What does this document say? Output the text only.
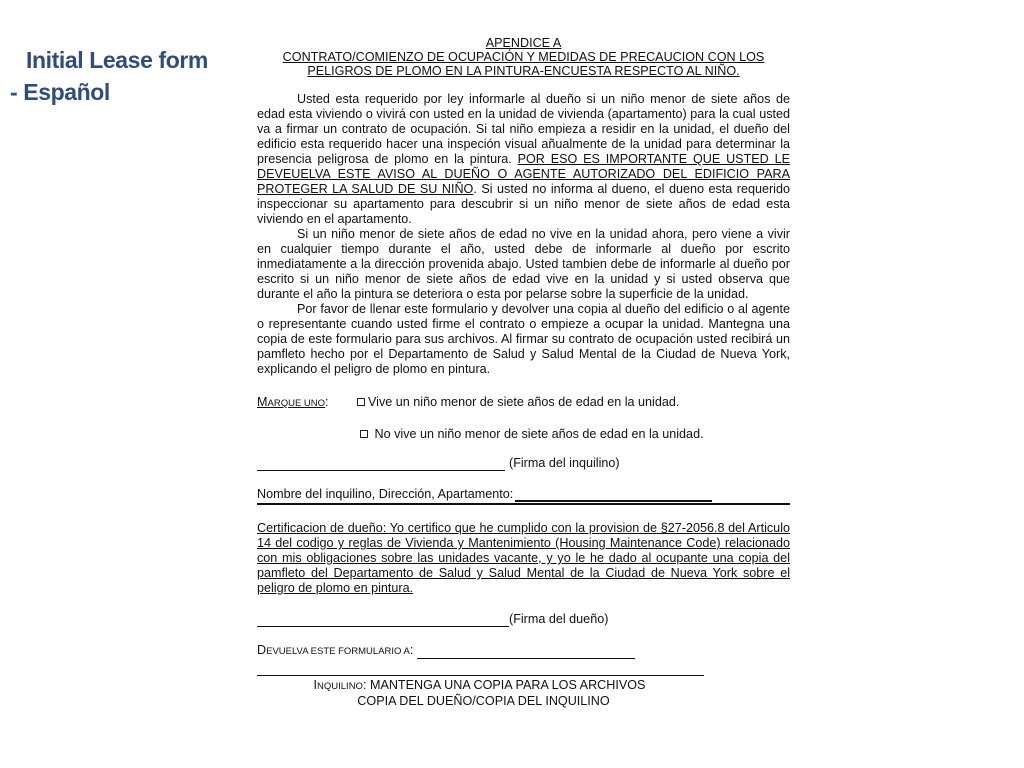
Initial Lease form
- Español
APENDICE A
CONTRATO/COMIENZO DE OCUPACIÓN Y MEDIDAS DE PRECAUCION CON LOS
PELIGROS DE PLOMO EN LA PINTURA-ENCUESTA RESPECTO AL NIÑO.

Usted esta requerido por ley informarle al dueño si un niño menor de siete años de edad esta viviendo o vivirá con usted en la unidad de vivienda (apartamento) para la cual usted va a firmar un contrato de ocupación. Si tal niño empieza a residir en la unidad, el dueño del edificio esta requerido hacer una inspeción visual añualmente de la unidad para determinar la presencia peligrosa de plomo en la pintura. POR ESO ES IMPORTANTE QUE USTED LE DEVEUELVA ESTE AVISO AL DUEÑO O AGENTE AUTORIZADO DEL EDIFICIO PARA PROTEGER LA SALUD DE SU NIÑO. Si usted no informa al dueno, el dueno esta requerido inspeccionar su apartamento para descubrir si un niño menor de siete años de edad esta viviendo en el apartamento.

Si un niño menor de siete años de edad no vive en la unidad ahora, pero viene a vivir en cualquier tiempo durante el año, usted debe de informarle al dueño por escrito inmediatamente a la dirección provenida abajo. Usted tambien debe de informarle al dueño por escrito si un niño menor de siete años de edad vive en la unidad y si usted observa que durante el año la pintura se deteriora o esta por pelarse sobre la superficie de la unidad.

Por favor de llenar este formulario y devolver una copia al dueño del edificio o al agente o representante cuando usted firme el contrato o empieze a ocupar la unidad. Mantegna una copia de este formulario para sus archivos. Al firmar su contrato de ocupación usted recibirá un pamfleto hecho por el Departamento de Salud y Salud Mental de la Ciudad de Nueva York, explicando el peligro de plomo en pintura.

MARQUE UNO:	Vive un niño menor de siete años de edad en la unidad.
No vive un niño menor de siete años de edad en la unidad.
(Firma del inquilino)
Nombre del inquilino, Dirección, Apartamento:
Certificacion de dueño: Yo certifico que he cumplido con la provision de §27-2056.8 del Articulo 14 del codigo y reglas de Vivienda y Mantenimiento (Housing Maintenance Code) relacionado con mis obligaciones sobre las unidades vacante, y yo le he dado al ocupante una copia del pamfleto del Departamento de Salud y Salud Mental de la Ciudad de Nueva York sobre el peligro de plomo en pintura.
(Firma del dueño)
DEVUELVA ESTE FORMULARIO A:
INQUILINO: MANTENGA UNA COPIA PARA LOS ARCHIVOS
COPIA DEL DUEÑO/COPIA DEL INQUILINO
